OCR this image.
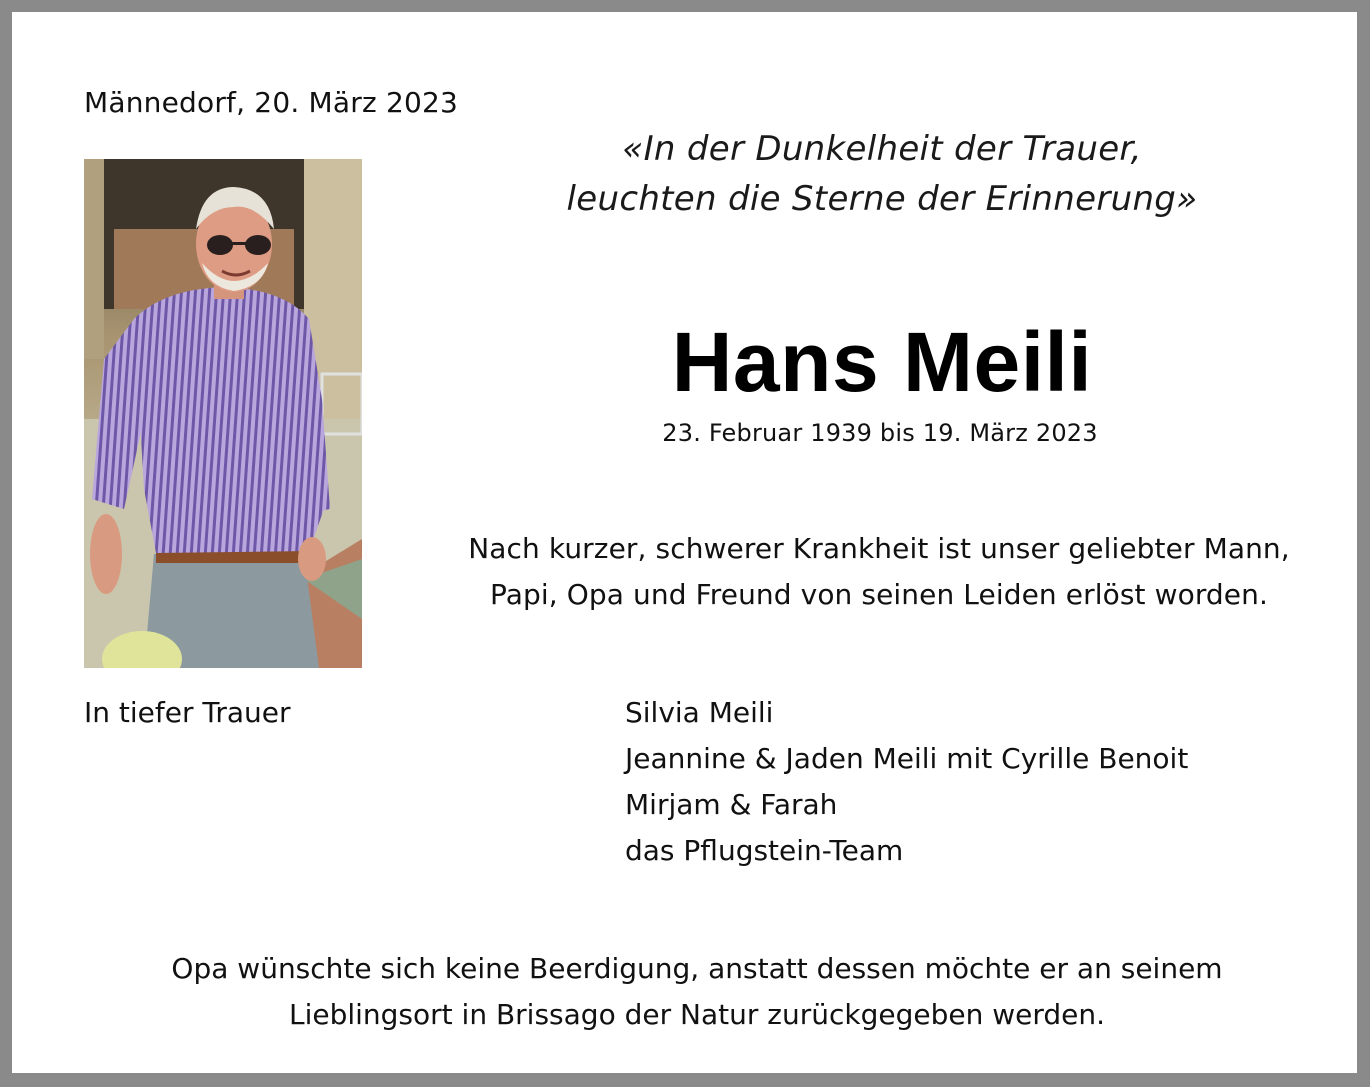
Männedorf, 20. März 2023
«In der Dunkelheit der Trauer,
leuchten die Sterne der Erinnerung»
Hans Meili
23. Februar 1939 bis 19. März 2023
Nach kurzer, schwerer Krankheit ist unser geliebter Mann,
Papi, Opa und Freund von seinen Leiden erlöst worden.
In tiefer Trauer	Silvia Meili
Jeannine & Jaden Meili mit Cyrille Benoit
Mirjam & Farah
das Pflugstein-Team
Opa wünschte sich keine Beerdigung, anstatt dessen möchte er an seinem
Lieblingsort in Brissago der Natur zurückgegeben werden.
